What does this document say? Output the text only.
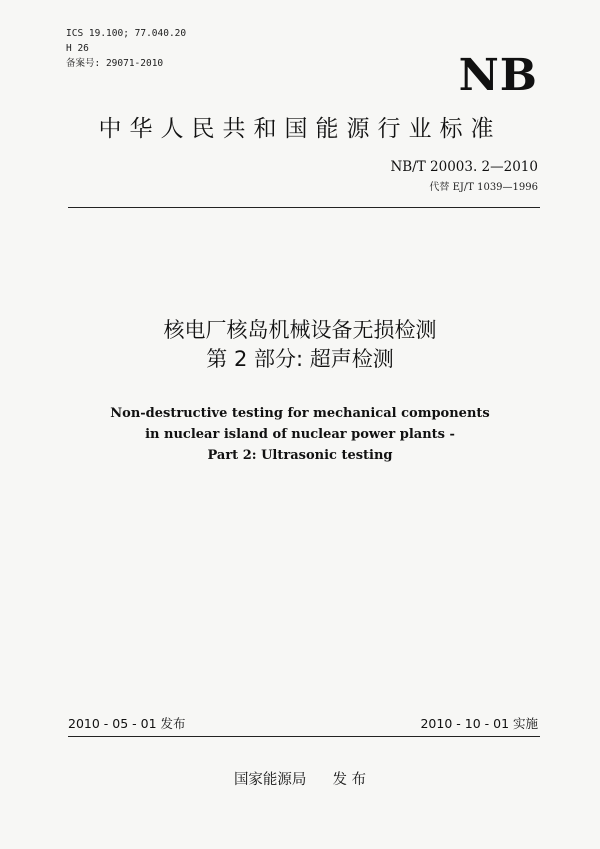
ICS 19.100; 77.040.20
H 26
备案号: 29071-2010	NB
中华人民共和国能源行业标准
NB/T 20003. 2—2010
代替 EJ/T 1039—1996
核电厂核岛机械设备无损检测
第 2 部分: 超声检测
Non-destructive testing for mechanical components
in nuclear island of nuclear power plants -
Part 2: Ultrasonic testing
2010 - 05 - 01 发布	2010 - 10 - 01 实施
国家能源局 发 布
